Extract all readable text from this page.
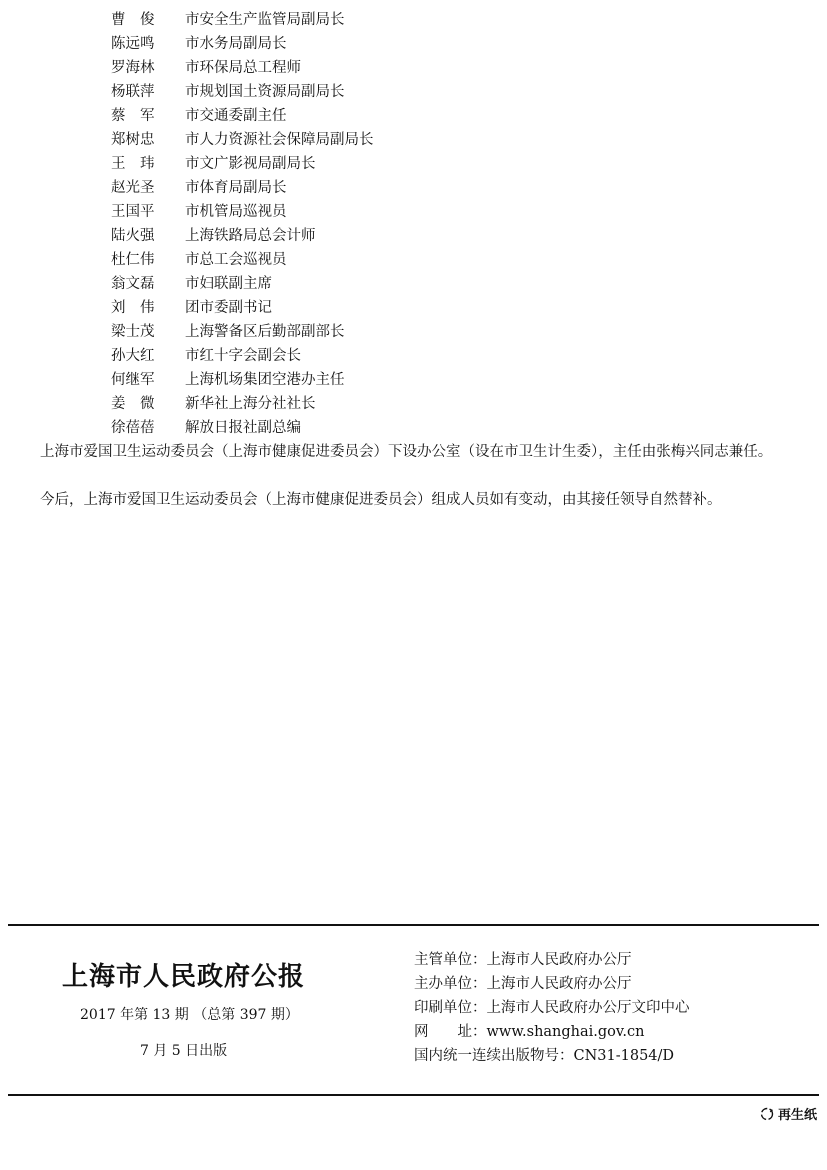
曹　俊	市安全生产监管局副局长
陈远鸣	市水务局副局长
罗海林	市环保局总工程师
杨联萍	市规划国土资源局副局长
蔡　军	市交通委副主任
郑树忠	市人力资源社会保障局副局长
王　玮	市文广影视局副局长
赵光圣	市体育局副局长
王国平	市机管局巡视员
陆火强	上海铁路局总会计师
杜仁伟	市总工会巡视员
翁文磊	市妇联副主席
刘　伟	团市委副书记
梁士茂	上海警备区后勤部副部长
孙大红	市红十字会副会长
何继军	上海机场集团空港办主任
姜　微	新华社上海分社社长
徐蓓蓓	解放日报社副总编

上海市爱国卫生运动委员会（上海市健康促进委员会）下设办公室（设在市卫生计生委），主任由张梅兴同志兼任。

今后，上海市爱国卫生运动委员会（上海市健康促进委员会）组成人员如有变动，由其接任领导自然替补。

上海市人民政府公报
2017 年第 13 期 （总第 397 期）
7 月 5 日出版
主管单位：上海市人民政府办公厅
主办单位：上海市人民政府办公厅
印刷单位：上海市人民政府办公厅文印中心
网　　址：www.shanghai.gov.cn
国内统一连续出版物号：CN31-1854/D
再生纸
